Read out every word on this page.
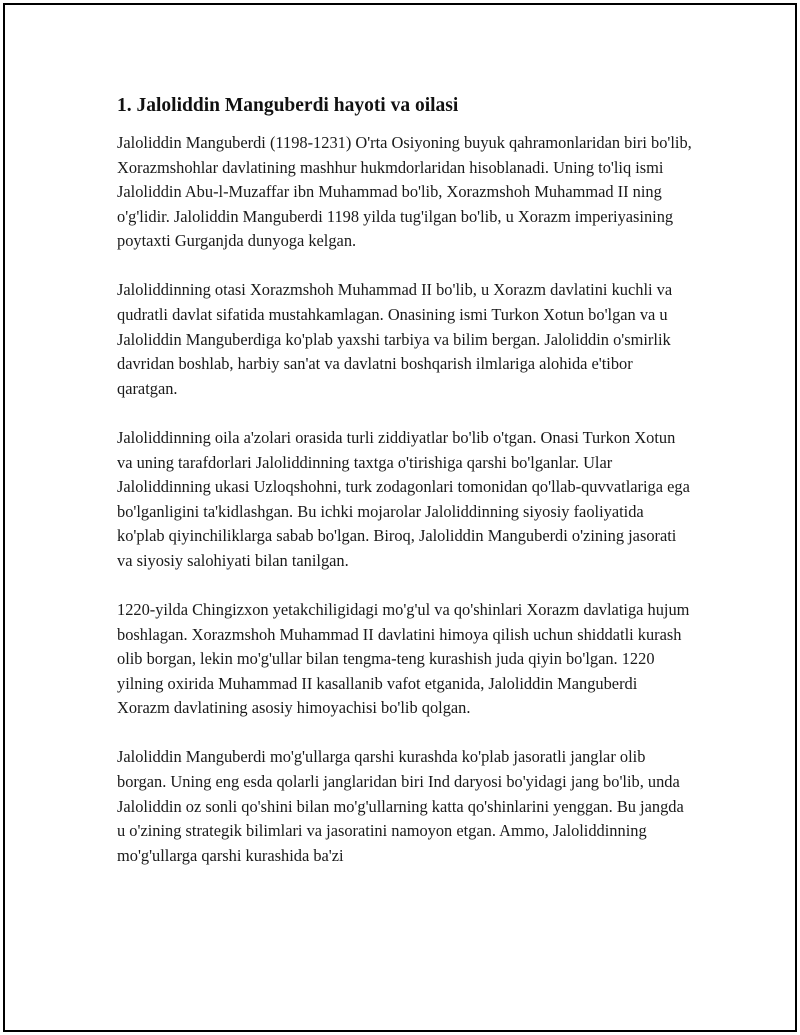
1. Jaloliddin Manguberdi hayoti va oilasi

Jaloliddin Manguberdi (1198-1231) O'rta Osiyoning buyuk qahramonlaridan biri bo'lib, Xorazmshohlar davlatining mashhur hukmdorlaridan hisoblanadi. Uning to'liq ismi Jaloliddin Abu-l-Muzaffar ibn Muhammad bo'lib, Xorazmshoh Muhammad II ning o'g'lidir. Jaloliddin Manguberdi 1198 yilda tug'ilgan bo'lib, u Xorazm imperiyasining poytaxti Gurganjda dunyoga kelgan.

Jaloliddinning otasi Xorazmshoh Muhammad II bo'lib, u Xorazm davlatini kuchli va qudratli davlat sifatida mustahkamlagan. Onasining ismi Turkon Xotun bo'lgan va u Jaloliddin Manguberdiga ko'plab yaxshi tarbiya va bilim bergan. Jaloliddin o'smirlik davridan boshlab, harbiy san'at va davlatni boshqarish ilmlariga alohida e'tibor qaratgan.

Jaloliddinning oila a'zolari orasida turli ziddiyatlar bo'lib o'tgan. Onasi Turkon Xotun va uning tarafdorlari Jaloliddinning taxtga o'tirishiga qarshi bo'lganlar. Ular Jaloliddinning ukasi Uzloqshohni, turk zodagonlari tomonidan qo'llab-quvvatlariga ega bo'lganligini ta'kidlashgan. Bu ichki mojarolar Jaloliddinning siyosiy faoliyatida ko'plab qiyinchiliklarga sabab bo'lgan. Biroq, Jaloliddin Manguberdi o'zining jasorati va siyosiy salohiyati bilan tanilgan.

1220-yilda Chingizxon yetakchiligidagi mo'g'ul va qo'shinlari Xorazm davlatiga hujum boshlagan. Xorazmshoh Muhammad II davlatini himoya qilish uchun shiddatli kurash olib borgan, lekin mo'g'ullar bilan tengma-teng kurashish juda qiyin bo'lgan. 1220 yilning oxirida Muhammad II kasallanib vafot etganida, Jaloliddin Manguberdi Xorazm davlatining asosiy himoyachisi bo'lib qolgan.

Jaloliddin Manguberdi mo'g'ullarga qarshi kurashda ko'plab jasoratli janglar olib borgan. Uning eng esda qolarli janglaridan biri Ind daryosi bo'yidagi jang bo'lib, unda Jaloliddin oz sonli qo'shini bilan mo'g'ullarning katta qo'shinlarini yenggan. Bu jangda u o'zining strategik bilimlari va jasoratini namoyon etgan. Ammo, Jaloliddinning mo'g'ullarga qarshi kurashida ba'zi
